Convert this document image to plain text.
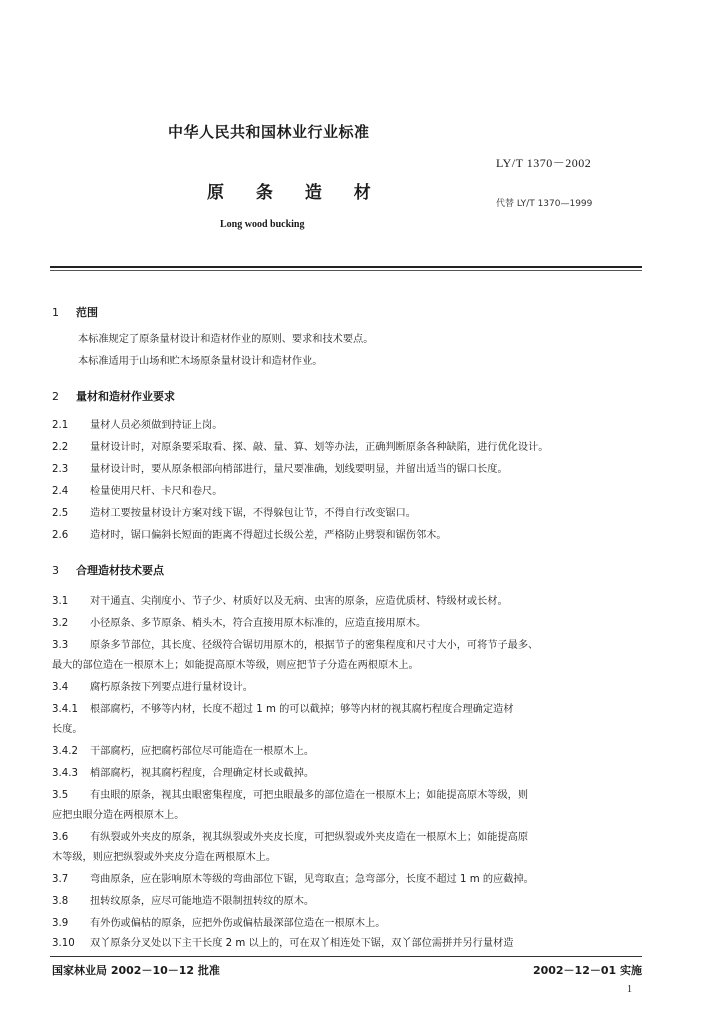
中华人民共和国林业行业标准
LY/T 1370－2002
原 条 造 材
代替 LY/T 1370—1999
Long wood bucking
1 范围
本标准规定了原条量材设计和造材作业的原则、要求和技术要点。
本标准适用于山场和贮木场原条量材设计和造材作业。
2 量材和造材作业要求
2.1 量材人员必须做到持证上岗。
2.2 量材设计时，对原条要采取看、探、敲、量、算、划等办法，正确判断原条各种缺陷，进行优化设计。
2.3 量材设计时，要从原条根部向梢部进行，量尺要准确，划线要明显，并留出适当的锯口长度。
2.4 检量使用尺杆、卡尺和卷尺。
2.5 造材工要按量材设计方案对线下锯，不得躲包让节，不得自行改变锯口。
2.6 造材时，锯口偏斜长短面的距离不得超过长级公差，严格防止劈裂和锯伤邻木。
3 合理造材技术要点
3.1 对干通直、尖削度小、节子少、材质好以及无病、虫害的原条，应造优质材、特级材或长材。
3.2 小径原条、多节原条、梢头木，符合直接用原木标准的，应造直接用原木。
3.3 原条多节部位，其长度、径级符合锯切用原木的，根据节子的密集程度和尺寸大小，可将节子最多、
最大的部位造在一根原木上；如能提高原木等级，则应把节子分造在两根原木上。
3.4 腐朽原条按下列要点进行量材设计。
3.4.1 根部腐朽，不够等内材，长度不超过 1 m 的可以截掉；够等内材的视其腐朽程度合理确定造材
长度。
3.4.2 干部腐朽，应把腐朽部位尽可能造在一根原木上。
3.4.3 梢部腐朽，视其腐朽程度，合理确定材长或截掉。
3.5 有虫眼的原条，视其虫眼密集程度，可把虫眼最多的部位造在一根原木上；如能提高原木等级，则
应把虫眼分造在两根原木上。
3.6 有纵裂或外夹皮的原条，视其纵裂或外夹皮长度，可把纵裂或外夹皮造在一根原木上；如能提高原
木等级，则应把纵裂或外夹皮分造在两根原木上。
3.7 弯曲原条，应在影响原木等级的弯曲部位下锯，见弯取直；急弯部分，长度不超过 1 m 的应截掉。
3.8 扭转纹原条，应尽可能地造不限制扭转纹的原木。
3.9 有外伤或偏枯的原条，应把外伤或偏枯最深部位造在一根原木上。
3.10 双丫原条分叉处以下主干长度 2 m 以上的，可在双丫相连处下锯，双丫部位需拼并另行量材造
国家林业局 2002－10－12 批准	2002－12－01 实施
1
